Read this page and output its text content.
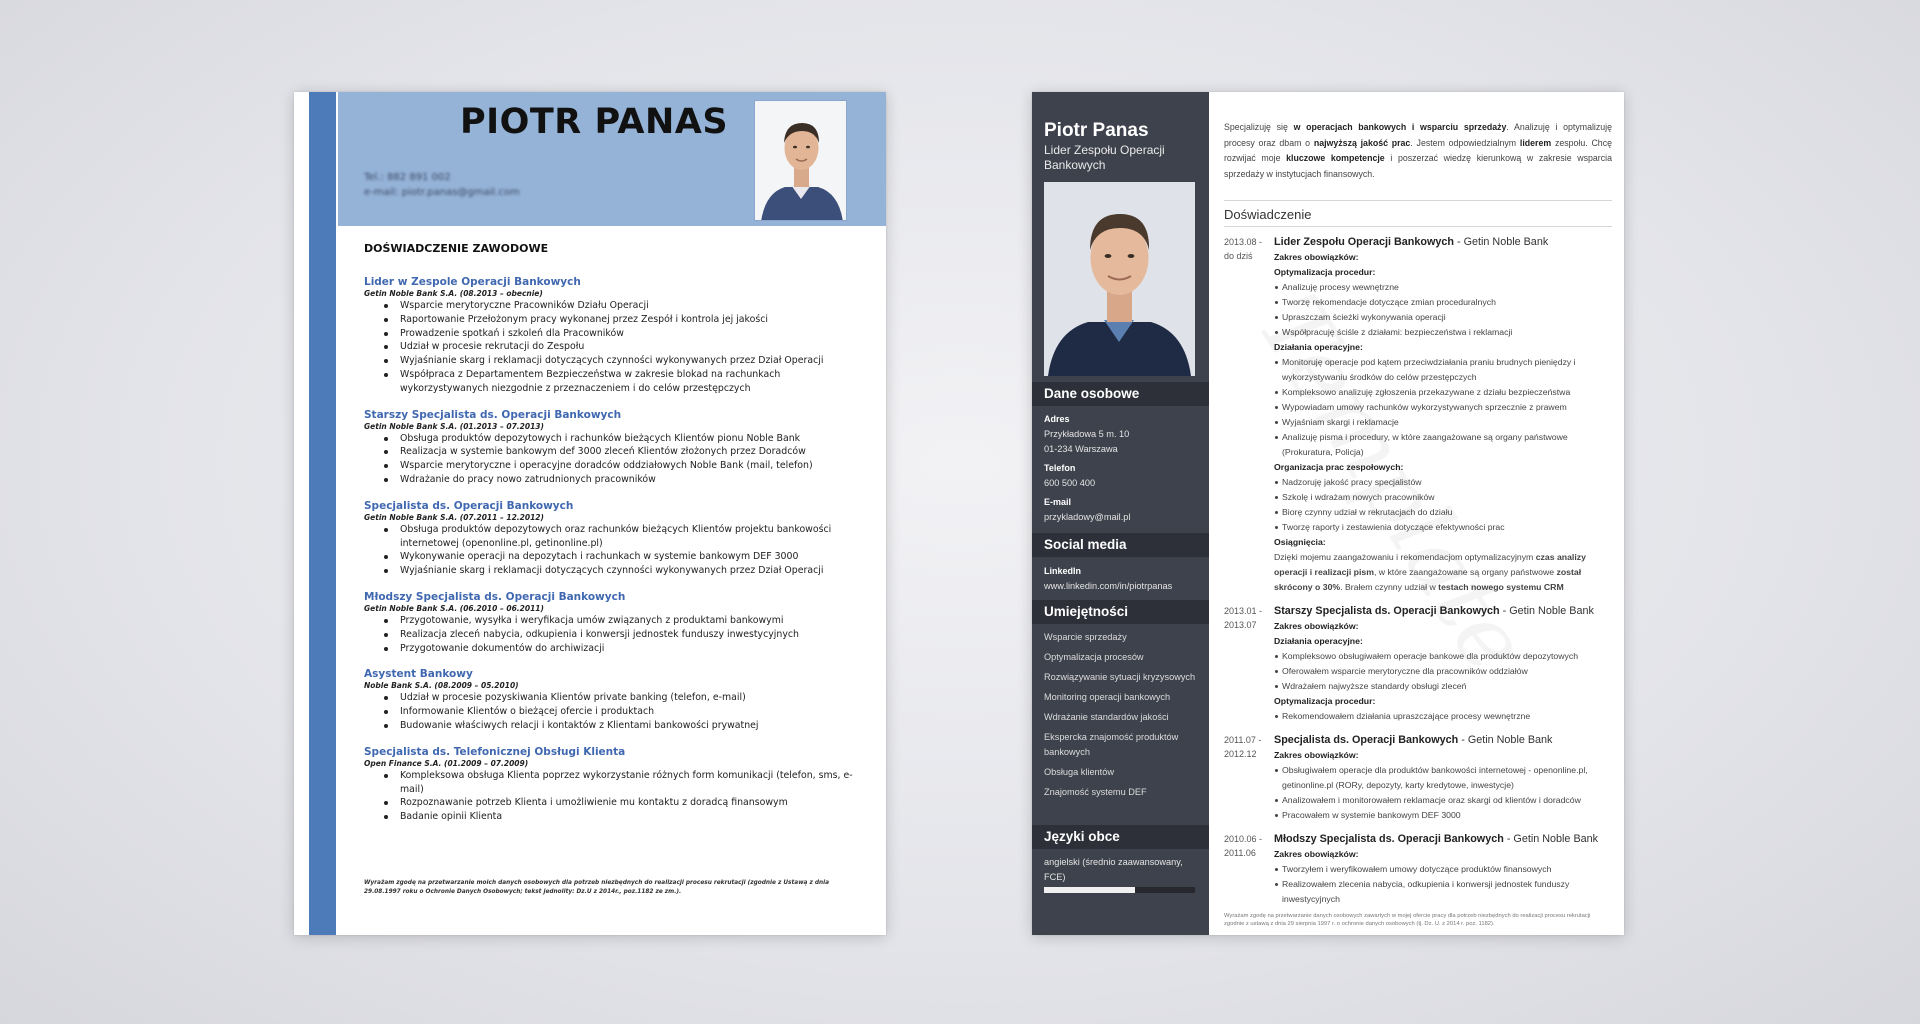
PIOTR PANAS
Tel.: 882 891 002
e-mail: piotr.panas@gmail.com
DOŚWIADCZENIE ZAWODOWE
Lider w Zespole Operacji Bankowych
Getin Noble Bank S.A. (08.2013 – obecnie)
Wsparcie merytoryczne Pracowników Działu Operacji
Raportowanie Przełożonym pracy wykonanej przez Zespół i kontrola jej jakości
Prowadzenie spotkań i szkoleń dla Pracowników
Udział w procesie rekrutacji do Zespołu
Wyjaśnianie skarg i reklamacji dotyczących czynności wykonywanych przez Dział Operacji
Współpraca z Departamentem Bezpieczeństwa w zakresie blokad na rachunkach wykorzystywanych niezgodnie z przeznaczeniem i do celów przestępczych
Starszy Specjalista ds. Operacji Bankowych
Getin Noble Bank S.A. (01.2013 – 07.2013)
Obsługa produktów depozytowych i rachunków bieżących Klientów pionu Noble Bank
Realizacja w systemie bankowym def 3000 zleceń Klientów złożonych przez Doradców
Wsparcie merytoryczne i operacyjne doradców oddziałowych Noble Bank (mail, telefon)
Wdrażanie do pracy nowo zatrudnionych pracowników
Specjalista ds. Operacji Bankowych
Getin Noble Bank S.A. (07.2011 – 12.2012)
Obsługa produktów depozytowych oraz rachunków bieżących Klientów projektu bankowości internetowej (openonline.pl, getinonline.pl)
Wykonywanie operacji na depozytach i rachunkach w systemie bankowym DEF 3000
Wyjaśnianie skarg i reklamacji dotyczących czynności wykonywanych przez Dział Operacji
Młodszy Specjalista ds. Operacji Bankowych
Getin Noble Bank S.A. (06.2010 – 06.2011)
Przygotowanie, wysyłka i weryfikacja umów związanych z produktami bankowymi
Realizacja zleceń nabycia, odkupienia i konwersji jednostek funduszy inwestycyjnych
Przygotowanie dokumentów do archiwizacji
Asystent Bankowy
Noble Bank S.A. (08.2009 – 05.2010)
Udział w procesie pozyskiwania Klientów private banking (telefon, e-mail)
Informowanie Klientów o bieżącej ofercie i produktach
Budowanie właściwych relacji i kontaktów z Klientami bankowości prywatnej
Specjalista ds. Telefonicznej Obsługi Klienta
Open Finance S.A. (01.2009 – 07.2009)
Kompleksowa obsługa Klienta poprzez wykorzystanie różnych form komunikacji (telefon, sms, e-mail)
Rozpoznawanie potrzeb Klienta i umożliwienie mu kontaktu z doradcą finansowym
Badanie opinii Klienta
Wyrażam zgodę na przetwarzanie moich danych osobowych dla potrzeb niezbędnych do realizacji procesu rekrutacji (zgodnie z Ustawą z dnia 29.08.1997 roku o Ochronie Danych Osobowych; tekst jednolity: Dz.U z 2014r., poz.1182 ze zm.).
Piotr Panas
Lider Zespołu Operacji Bankowych
Dane osobowe
Adres
Przykładowa 5 m. 10
01-234 Warszawa
Telefon
600 500 400
E-mail
przykladowy@mail.pl
Social media
LinkedIn
www.linkedin.com/in/piotrpanas
Umiejętności
Wsparcie sprzedaży
Optymalizacja procesów
Rozwiązywanie sytuacji kryzysowych
Monitoring operacji bankowych
Wdrażanie standardów jakości
Ekspercka znajomość produktów bankowych
Obsługa klientów
Znajomość systemu DEF
Języki obce
angielski (średnio zaawansowany, FCE)
Specjalizuję się w operacjach bankowych i wsparciu sprzedaży. Analizuję i optymalizuję procesy oraz dbam o najwyższą jakość prac. Jestem odpowiedzialnym liderem zespołu. Chcę rozwijać moje kluczowe kompetencje i poszerzać wiedzę kierunkową w zakresie wsparcia sprzedaży w instytucjach finansowych.
Doświadczenie
2013.08 -
do dziś
Lider Zespołu Operacji Bankowych - Getin Noble Bank
Zakres obowiązków:
Optymalizacja procedur:
Analizuję procesy wewnętrzne
Tworzę rekomendacje dotyczące zmian proceduralnych
Upraszczam ścieżki wykonywania operacji
Współpracuję ściśle z działami: bezpieczeństwa i reklamacji
Działania operacyjne:
Monitoruję operacje pod kątem przeciwdziałania praniu brudnych pieniędzy i wykorzystywaniu środków do celów przestępczych
Kompleksowo analizuję zgłoszenia przekazywane z działu bezpieczeństwa
Wypowiadam umowy rachunków wykorzystywanych sprzecznie z prawem
Wyjaśniam skargi i reklamacje
Analizuję pisma i procedury, w które zaangażowane są organy państwowe (Prokuratura, Policja)
Organizacja prac zespołowych:
Nadzoruję jakość pracy specjalistów
Szkolę i wdrażam nowych pracowników
Biorę czynny udział w rekrutacjach do działu
Tworzę raporty i zestawienia dotyczące efektywności prac
Osiągnięcia:
Dzięki mojemu zaangażowaniu i rekomendacjom optymalizacyjnym czas analizy operacji i realizacji pism, w które zaangażowane są organy państwowe został skrócony o 30%. Brałem czynny udział w testach nowego systemu CRM
2013.01 -
2013.07
Starszy Specjalista ds. Operacji Bankowych - Getin Noble Bank
Zakres obowiązków:
Działania operacyjne:
Kompleksowo obsługiwałem operacje bankowe dla produktów depozytowych
Oferowałem wsparcie merytoryczne dla pracowników oddziałów
Wdrażałem najwyższe standardy obsługi zleceń
Optymalizacja procedur:
Rekomendowałem działania upraszczające procesy wewnętrzne
2011.07 -
2012.12
Specjalista ds. Operacji Bankowych - Getin Noble Bank
Zakres obowiązków:
Obsługiwałem operacje dla produktów bankowości internetowej - openonline.pl, getinonline.pl (RORy, depozyty, karty kredytowe, inwestycje)
Analizowałem i monitorowałem reklamacje oraz skargi od klientów i doradców
Pracowałem w systemie bankowym DEF 3000
2010.06 -
2011.06
Młodszy Specjalista ds. Operacji Bankowych - Getin Noble Bank
Zakres obowiązków:
Tworzyłem i weryfikowałem umowy dotyczące produktów finansowych
Realizowałem zlecenia nabycia, odkupienia i konwersji jednostek funduszy inwestycyjnych
Wyrażam zgodę na przetwarzanie danych osobowych zawartych w mojej ofercie pracy dla potrzeb niezbędnych do realizacji procesu rekrutacji zgodnie z ustawą z dnia 29 sierpnia 1997 r. o ochronie danych osobowych (tj. Dz. U. z 2014 r. poz. 1182).
